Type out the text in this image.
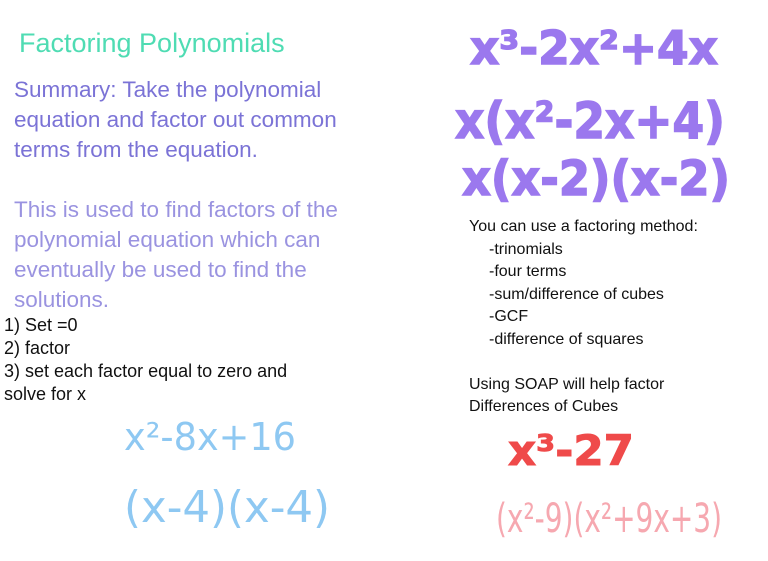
Factoring Polynomials
Summary: Take the polynomial
equation and factor out common
terms from the equation.
This is used to find factors of the
polynomial equation which can
eventually be used to find the
solutions.
1) Set =0
2) factor
3) set each factor equal to zero and
solve for x
You can use a factoring method:
-trinomials
-four terms
-sum/difference of cubes
-GCF
-difference of squares
Using SOAP will help factor
Differences of Cubes
x³-2x²+4x
x(x²-2x+4)
x(x-2)(x-2)
x²-8x+16
(x-4)(x-4)
x³-27
(x²-9)(x²+9x+3)
